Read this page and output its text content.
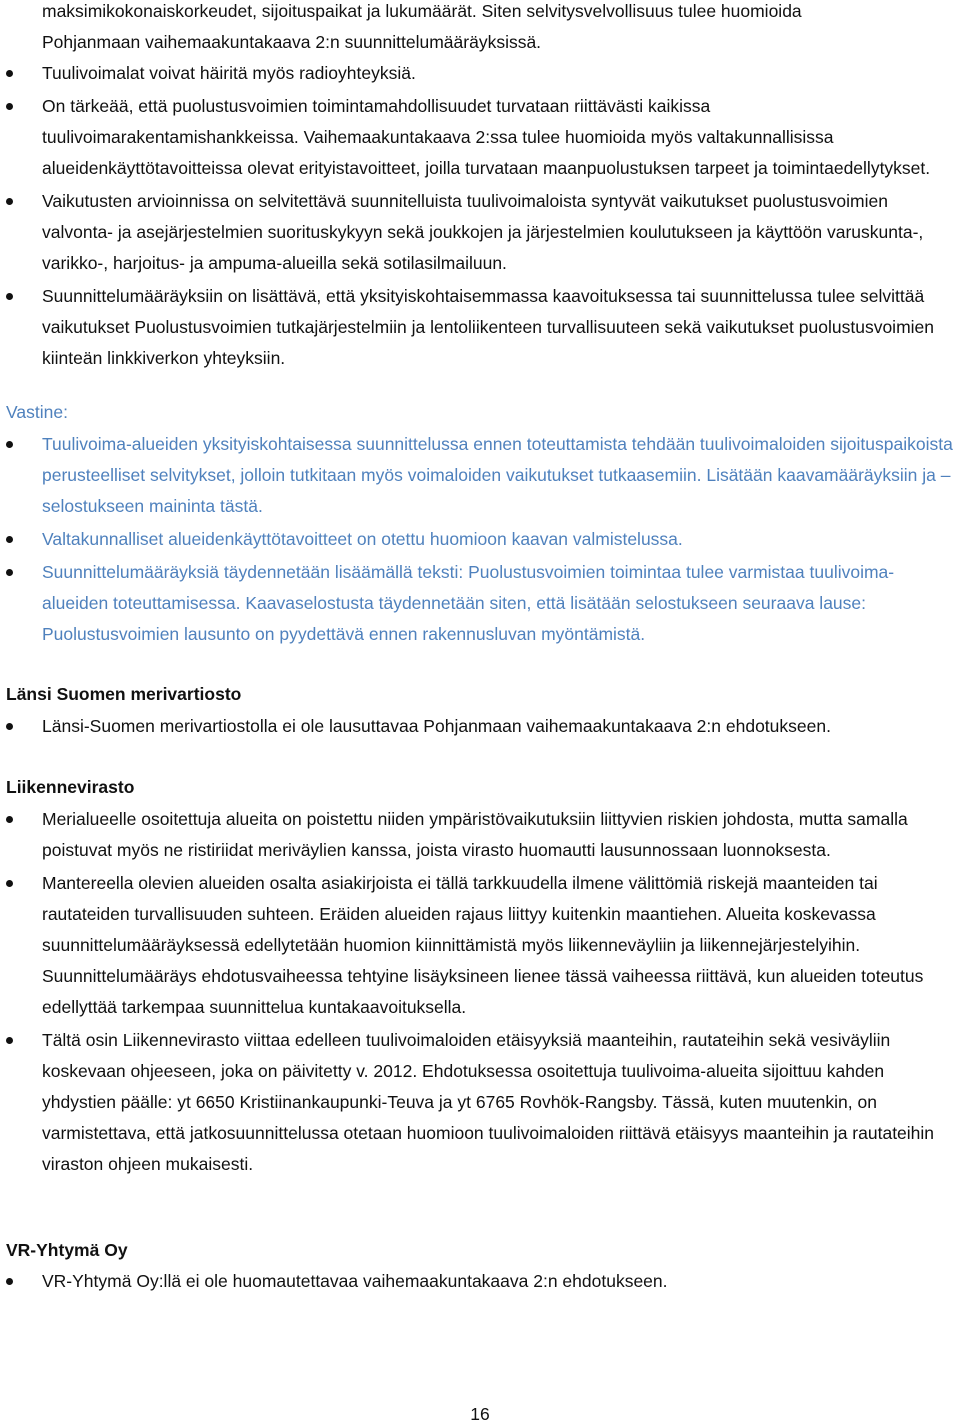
maksimikokonaiskorkeudet, sijoituspaikat ja lukumäärät. Siten selvitysvelvollisuus tulee huomioida
Pohjanmaan vaihemaakuntakaava 2:n suunnittelumääräyksissä.
Tuulivoimalat voivat häiritä myös radioyhteyksiä.
On tärkeää, että puolustusvoimien toimintamahdollisuudet turvataan riittävästi kaikissa tuulivoimarakentamishankkeissa. Vaihemaakuntakaava 2:ssa tulee huomioida myös valtakunnallisissa alueidenkäyttötavoitteissa olevat erityistavoitteet, joilla turvataan maanpuolustuksen tarpeet ja toimintaedellytykset.
Vaikutusten arvioinnissa on selvitettävä suunnitelluista tuulivoimaloista syntyvät vaikutukset puolustusvoimien valvonta- ja asejärjestelmien suorituskykyyn sekä joukkojen ja järjestelmien koulutukseen ja käyttöön varuskunta-, varikko-, harjoitus- ja ampuma-alueilla sekä sotilasilmailuun.
Suunnittelumääräyksiin on lisättävä, että yksityiskohtaisemmassa kaavoituksessa tai suunnittelussa tulee selvittää vaikutukset Puolustusvoimien tutkajärjestelmiin ja lentoliikenteen turvallisuuteen sekä vaikutukset puolustusvoimien kiinteän linkkiverkon yhteyksiin.
Vastine:
Tuulivoima-alueiden yksityiskohtaisessa suunnittelussa ennen toteuttamista tehdään tuulivoimaloiden sijoituspaikoista perusteelliset selvitykset, jolloin tutkitaan myös voimaloiden vaikutukset tutkaasemiin. Lisätään kaavamääräyksiin ja –selostukseen maininta tästä.
Valtakunnalliset alueidenkäyttötavoitteet on otettu huomioon kaavan valmistelussa.
Suunnittelumääräyksiä täydennetään lisäämällä teksti: Puolustusvoimien toimintaa tulee varmistaa tuulivoima-alueiden toteuttamisessa. Kaavaselostusta täydennetään siten, että lisätään selostukseen seuraava lause: Puolustusvoimien lausunto on pyydettävä ennen rakennusluvan myöntämistä.
Länsi Suomen merivartiosto
Länsi-Suomen merivartiostolla ei ole lausuttavaa Pohjanmaan vaihemaakuntakaava 2:n ehdotukseen.
Liikennevirasto
Merialueelle osoitettuja alueita on poistettu niiden ympäristövaikutuksiin liittyvien riskien johdosta, mutta samalla poistuvat myös ne ristiriidat meriväylien kanssa, joista virasto huomautti lausunnossaan luonnoksesta.
Mantereella olevien alueiden osalta asiakirjoista ei tällä tarkkuudella ilmene välittömiä riskejä maanteiden tai rautateiden turvallisuuden suhteen. Eräiden alueiden rajaus liittyy kuitenkin maantiehen. Alueita koskevassa suunnittelumääräyksessä edellytetään huomion kiinnittämistä myös liikenneväyliin ja liikennejärjestelyihin. Suunnittelumääräys ehdotusvaiheessa tehtyine lisäyksineen lienee tässä vaiheessa riittävä, kun alueiden toteutus edellyttää tarkempaa suunnittelua kuntakaavoituksella.
Tältä osin Liikennevirasto viittaa edelleen tuulivoimaloiden etäisyyksiä maanteihin, rautateihin sekä vesiväyliin koskevaan ohjeeseen, joka on päivitetty v. 2012. Ehdotuksessa osoitettuja tuulivoima-alueita sijoittuu kahden yhdystien päälle: yt 6650 Kristiinankaupunki-Teuva ja yt 6765 Rovhök-Rangsby. Tässä, kuten muutenkin, on varmistettava, että jatkosuunnittelussa otetaan huomioon tuulivoimaloiden riittävä etäisyys maanteihin ja rautateihin viraston ohjeen mukaisesti.
VR-Yhtymä Oy
VR-Yhtymä Oy:llä ei ole huomautettavaa vaihemaakuntakaava 2:n ehdotukseen.
16
